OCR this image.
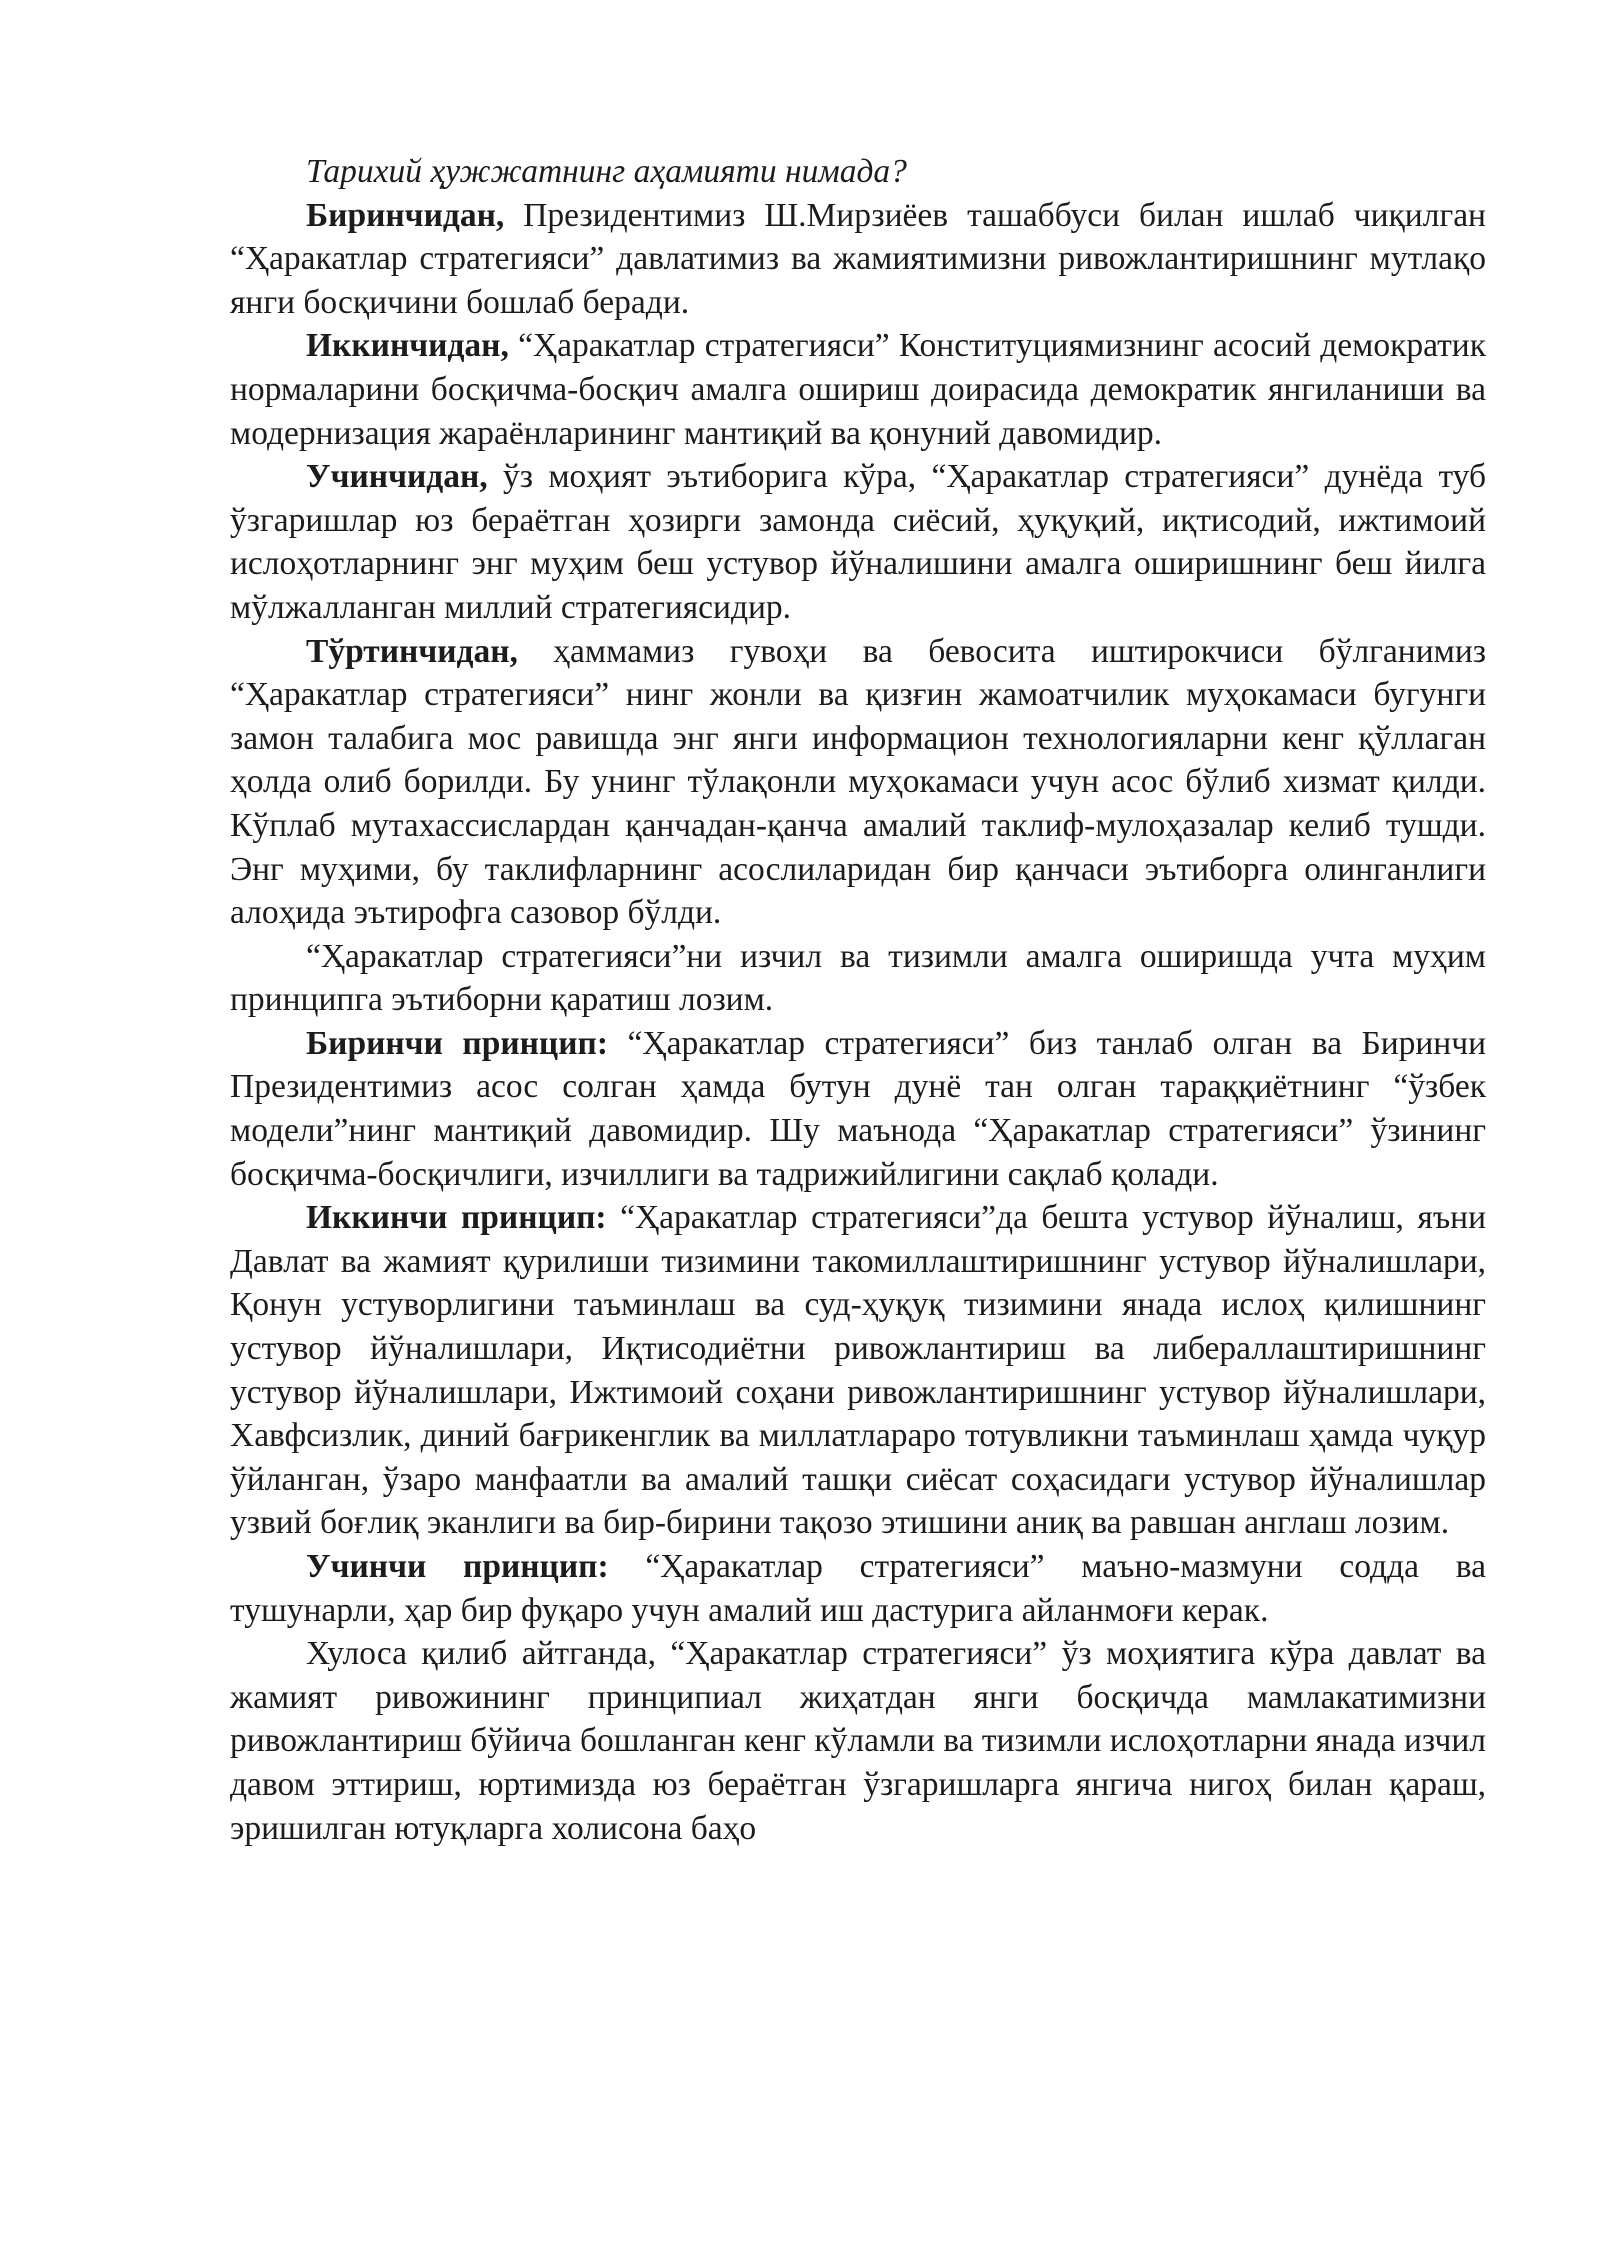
Тарихий ҳужжатнинг аҳамияти нимада?

Биринчидан, Президентимиз Ш.Мирзиёев ташаббуси билан ишлаб чиқилган “Ҳаракатлар стратегияси” давлатимиз ва жамиятимизни ривожлантиришнинг мутлақо янги босқичини бошлаб беради.

Иккинчидан, “Ҳаракатлар стратегияси” Конституциямизнинг асосий демократик нормаларини босқичма-босқич амалга ошириш доирасида демократик янгиланиши ва модернизация жараёнларининг мантиқий ва қонуний давомидир.

Учинчидан, ўз моҳият эътиборига кўра, “Ҳаракатлар стратегияси” дунёда туб ўзгаришлар юз бераётган ҳозирги замонда сиёсий, ҳуқуқий, иқтисодий, ижтимоий ислоҳотларнинг энг муҳим беш устувор йўналишини амалга оширишнинг беш йилга мўлжалланган миллий стратегиясидир.

Тўртинчидан, ҳаммамиз гувоҳи ва бевосита иштирокчиси бўлганимиз “Ҳаракатлар стратегияси” нинг жонли ва қизғин жамоатчилик муҳокамаси бугунги замон талабига мос равишда энг янги информацион технологияларни кенг қўллаган ҳолда олиб борилди. Бу унинг тўлақонли муҳокамаси учун асос бўлиб хизмат қилди. Кўплаб мутахассислардан қанчадан-қанча амалий таклиф-мулоҳазалар келиб тушди. Энг муҳими, бу таклифларнинг асослиларидан бир қанчаси эътиборга олинганлиги алоҳида эътирофга сазовор бўлди.

“Ҳаракатлар стратегияси”ни изчил ва тизимли амалга оширишда учта муҳим принципга эътиборни қаратиш лозим.

Биринчи принцип: “Ҳаракатлар стратегияси” биз танлаб олган ва Биринчи Президентимиз асос солган ҳамда бутун дунё тан олган тараққиётнинг “ўзбек модели”нинг мантиқий давомидир. Шу маънода “Ҳаракатлар стратегияси” ўзининг босқичма-босқичлиги, изчиллиги ва тадрижийлигини сақлаб қолади.

Иккинчи принцип: “Ҳаракатлар стратегияси”да бешта устувор йўналиш, яъни Давлат ва жамият қурилиши тизимини такомиллаштиришнинг устувор йўналишлари, Қонун устуворлигини таъминлаш ва суд-ҳуқуқ тизимини янада ислоҳ қилишнинг устувор йўналишлари, Иқтисодиётни ривожлантириш ва либераллаштиришнинг устувор йўналишлари, Ижтимоий соҳани ривожлантиришнинг устувор йўналишлари, Хавфсизлик, диний бағрикенглик ва миллатлараро тотувликни таъминлаш ҳамда чуқур ўйланган, ўзаро манфаатли ва амалий ташқи сиёсат соҳасидаги устувор йўналишлар узвий боғлиқ эканлиги ва бир-бирини тақозо этишини аниқ ва равшан англаш лозим.

Учинчи принцип: “Ҳаракатлар стратегияси” маъно-мазмуни содда ва тушунарли, ҳар бир фуқаро учун амалий иш дастурига айланмоғи керак.

Хулоса қилиб айтганда, “Ҳаракатлар стратегияси” ўз моҳиятига кўра давлат ва жамият ривожининг принципиал жиҳатдан янги босқичда мамлакатимизни ривожлантириш бўйича бошланган кенг кўламли ва тизимли ислоҳотларни янада изчил давом эттириш, юртимизда юз бераётган ўзгаришларга янгича нигоҳ билан қараш, эришилган ютуқларга холисона баҳо
